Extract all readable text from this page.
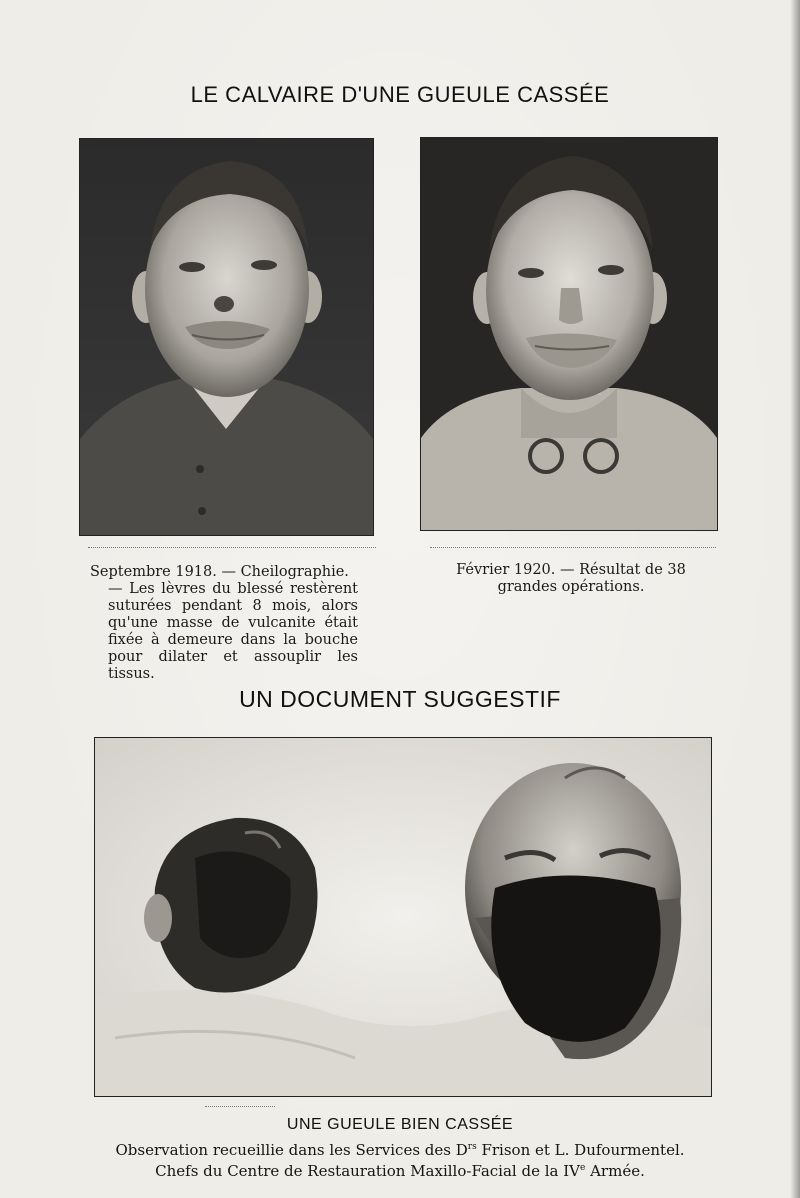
LE CALVAIRE D'UNE GUEULE CASSÉE
Septembre 1918. — Cheilographie.
— Les lèvres du blessé restèrent suturées pendant 8 mois, alors qu'une masse de vulcanite était fixée à demeure dans la bouche pour dilater et assouplir les tissus.
Février 1920. — Résultat de 38 grandes opérations.
UN DOCUMENT SUGGESTIF
UNE GUEULE BIEN CASSÉE
Observation recueillie dans les Services des $D^{rs}$ Frison et L. Dufourmentel.
Chefs du Centre de Restauration Maxillo-Facial de la IVe Armée.
